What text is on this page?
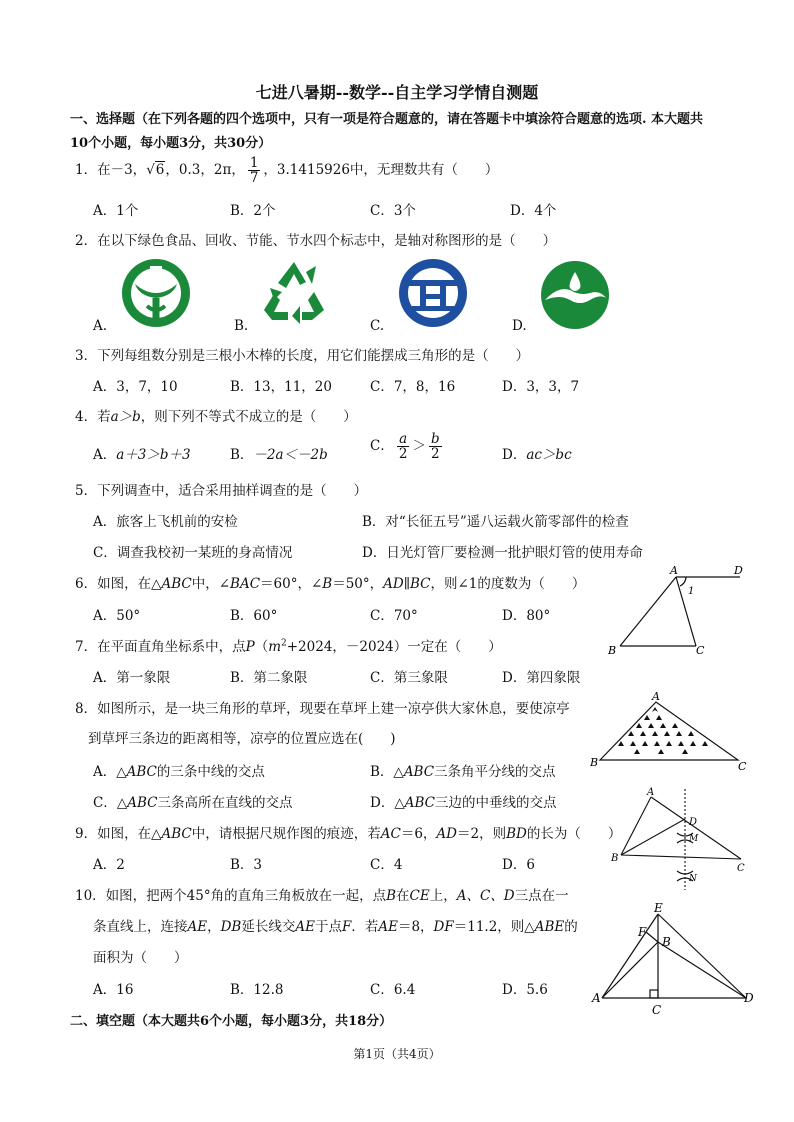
七进八暑期--数学--自主学习学情自测题
一、选择题（在下列各题的四个选项中，只有一项是符合题意的，请在答题卡中填涂符合题意的选项. 本大题共
10个小题，每小题3分，共30分）
1．在－3，√6，0.3，2π， $\frac{1}{7}$ ，3.1415926中，无理数共有（　　）
A．1个	B．2个	C．3个	D．4个
2．在以下绿色食品、回收、节能、节水四个标志中，是轴对称图形的是（　　）
A.	B.	C.	D.
3．下列每组数分别是三根小木棒的长度，用它们能摆成三角形的是（　　）
A．3，7，10	B．13，11，20	C．7，8，16	D．3，3，7
4．若a＞b，则下列不等式不成立的是（　　）
A．a＋3＞b＋3	B．－2a＜－2b
C． $\frac{a}{2} > \frac{b}{2}$	D．ac＞bc
5．下列调查中，适合采用抽样调查的是（　　）
A．旅客上飞机前的安检	B．对“长征五号”遥八运载火箭零部件的检查
C．调查我校初一某班的身高情况	D．日光灯管厂要检测一批护眼灯管的使用寿命
6．如图，在△ABC中，∠BAC＝60°，∠B＝50°，AD∥BC，则∠1的度数为（　　）
A．50°	B．60°	C．70°	D．80°
A	D
B	C
1
7．在平面直角坐标系中，点$P(m^2+2024$，－2024）一定在（　　）
A．第一象限	B．第二象限	C．第三象限	D．第四象限
8．如图所示，是一块三角形的草坪，现要在草坪上建一凉亭供大家休息，要使凉亭
到草坪三条边的距离相等，凉亭的位置应选在(　　)
A．△ABC的三条中线的交点	B．△ABC三条角平分线的交点
C．△ABC三条高所在直线的交点	D．△ABC三边的中垂线的交点
A
B	C
9．如图，在△ABC中，请根据尺规作图的痕迹，若AC＝6，AD＝2，则BD的长为（　　）
A．2	B．3	C．4	D．6
A
D
M
N
B
C
10．如图，把两个45°角的直角三角板放在一起，点B在CE上，A、C、D三点在一
条直线上，连接AE，DB延长线交AE于点F．若AE＝8，DF＝11.2，则△ABE的
面积为（　　）
A．16	B．12.8	C．6.4	D．5.6
E
F
B
A	D
C
二、填空题（本大题共6个小题，每小题3分，共18分）
第1页（共4页）
